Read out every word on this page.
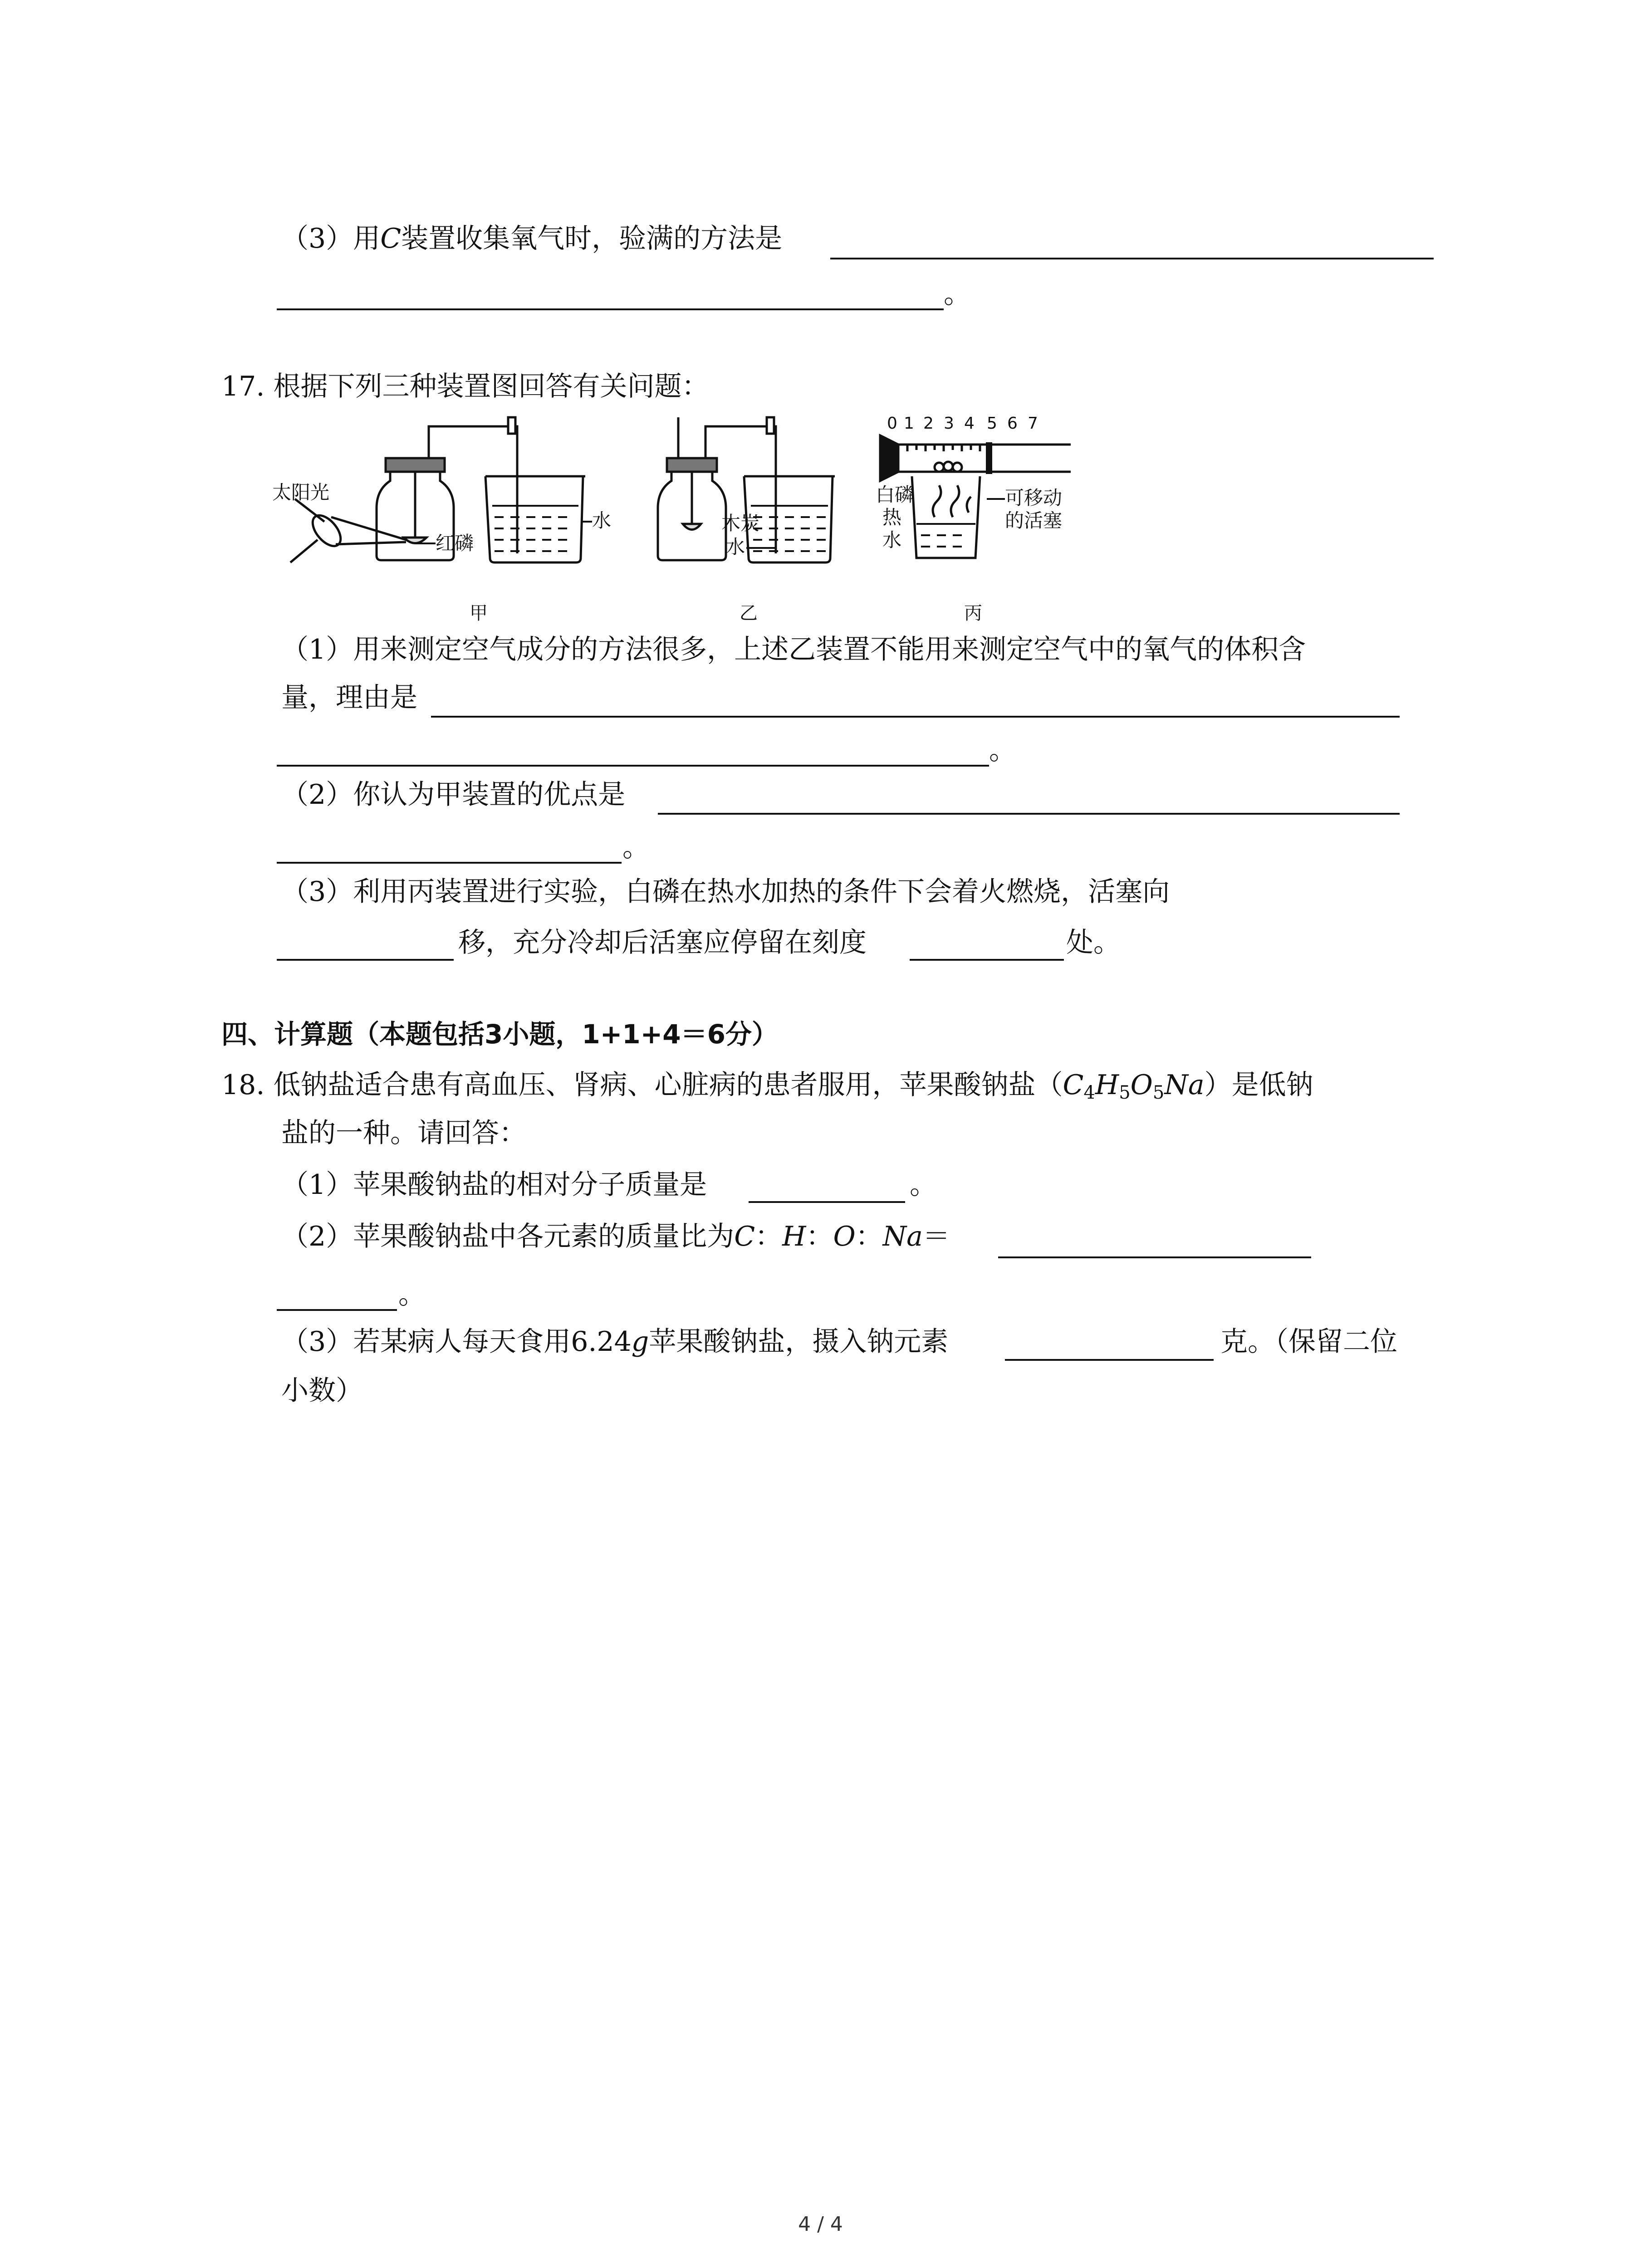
（3）用C装置收集氧气时，验满的方法是
。
17. 根据下列三种装置图回答有关问题：
太阳光
红磷
水
甲
木炭
水
乙
0 1 2 3 4 5 6 7
白磷
热
水
可移动
的活塞
丙
（1）用来测定空气成分的方法很多，上述乙装置不能用来测定空气中的氧气的体积含
量，理由是
。
（2）你认为甲装置的优点是
。
（3）利用丙装置进行实验，白磷在热水加热的条件下会着火燃烧，活塞向
移，充分冷却后活塞应停留在刻度	处。
四、计算题（本题包括3小题，1+1+4＝6分）
18. 低钠盐适合患有高血压、肾病、心脏病的患者服用，苹果酸钠盐$(C_4H_5O_5Na)$是低钠
盐的一种。请回答：
（1）苹果酸钠盐的相对分子质量是	。
（2）苹果酸钠盐中各元素的质量比为C：H：O：Na＝
。
（3）若某病人每天食用6.24g苹果酸钠盐，摄入钠元素	克。（保留二位
小数）
4 / 4
